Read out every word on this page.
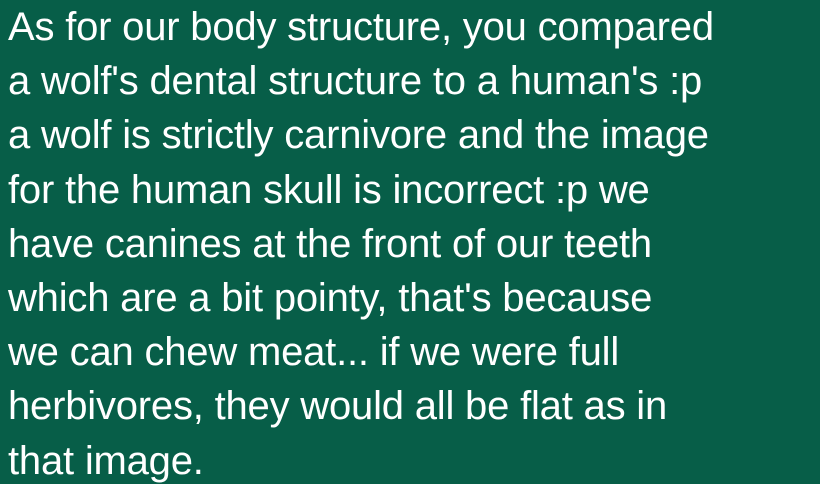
As for our body structure, you compared
a wolf's dental structure to a human's :p
a wolf is strictly carnivore and the image
for the human skull is incorrect :p we
have canines at the front of our teeth
which are a bit pointy, that's because
we can chew meat... if we were full
herbivores, they would all be flat as in
that image.
